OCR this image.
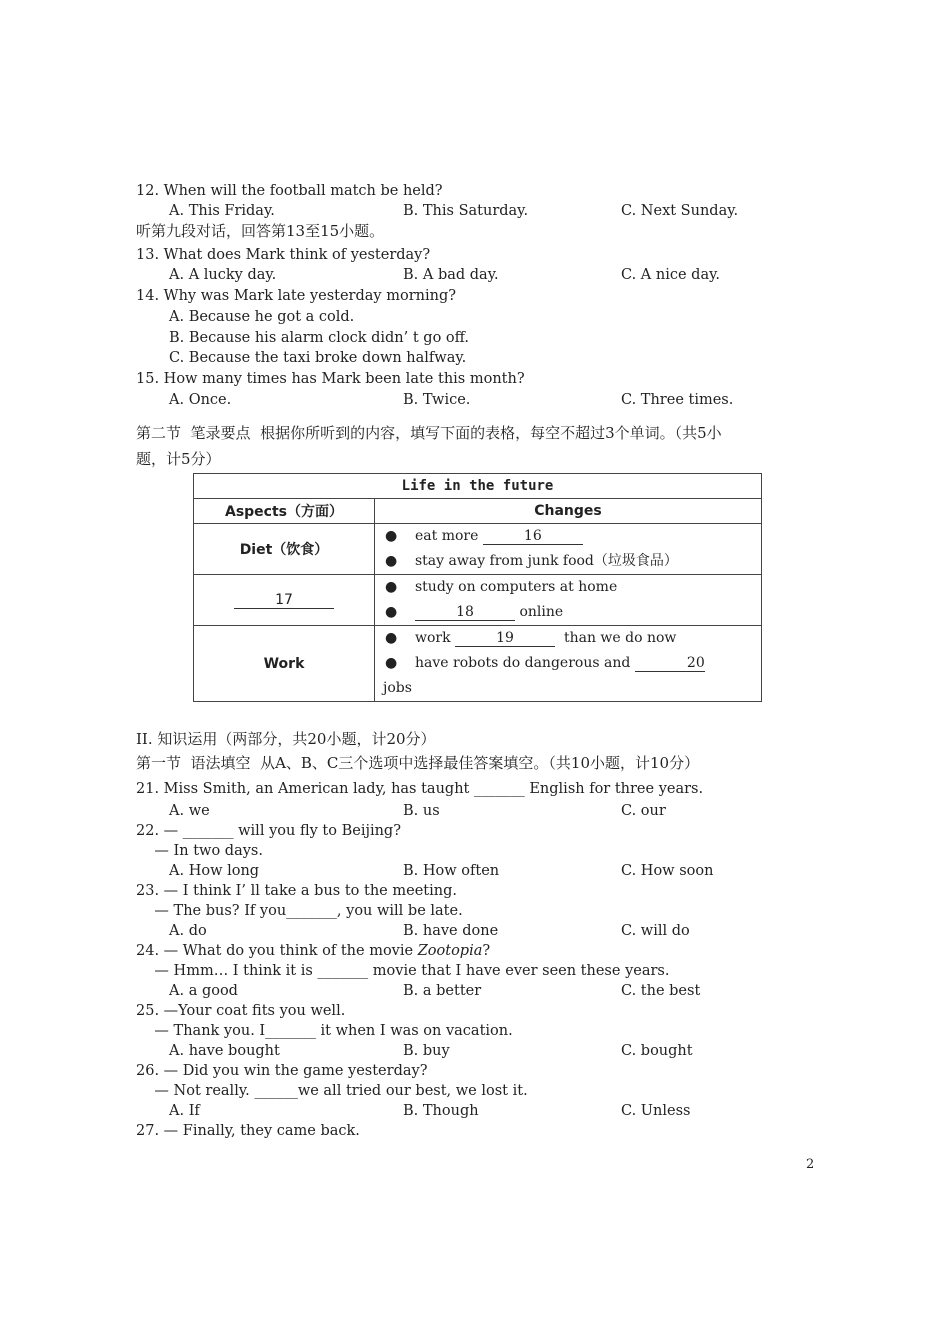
12. When will the football match be held?
A. This Friday.	B. This Saturday.	C. Next Sunday.
听第九段对话，回答第13至15小题。
13. What does Mark think of yesterday?
A. A lucky day.	B. A bad day.	C. A nice day.
14. Why was Mark late yesterday morning?
A. Because he got a cold.
B. Because his alarm clock didn’ t go off.
C. Because the taxi broke down halfway.
15. How many times has Mark been late this month?
A. Once.	B. Twice.	C. Three times.
第二节  笔录要点  根据你所听到的内容，填写下面的表格，每空不超过3个单词。（共5小
题，计5分）
Life in the future	
Aspects（方面）	Changes
Diet（饮食）	● eat more 16
● stay away from junk food（垃圾食品）

17	● study on computers at home
● 18 online

Work	● work 19 than we do now
● have robots do dangerous and 20
jobs
II. 知识运用（两部分，共20小题，计20分）
第一节  语法填空  从A、B、C三个选项中选择最佳答案填空。（共10小题，计10分）
21. Miss Smith, an American lady, has taught _______ English for three years.
A. we	B. us	C. our
22. — _______ will you fly to Beijing?
— In two days.
A. How long	B. How often	C. How soon
23. — I think I’ ll take a bus to the meeting.
— The bus? If you_______, you will be late.
A. do	B. have done	C. will do
24. — What do you think of the movie Zootopia?
— Hmm… I think it is _______ movie that I have ever seen these years.
A. a good	B. a better	C. the best
25. —Your coat fits you well.
— Thank you. I_______ it when I was on vacation.
A. have bought	B. buy	C. bought
26. — Did you win the game yesterday?
— Not really. ______we all tried our best, we lost it.
A. If	B. Though	C. Unless
27. — Finally, they came back.
2
